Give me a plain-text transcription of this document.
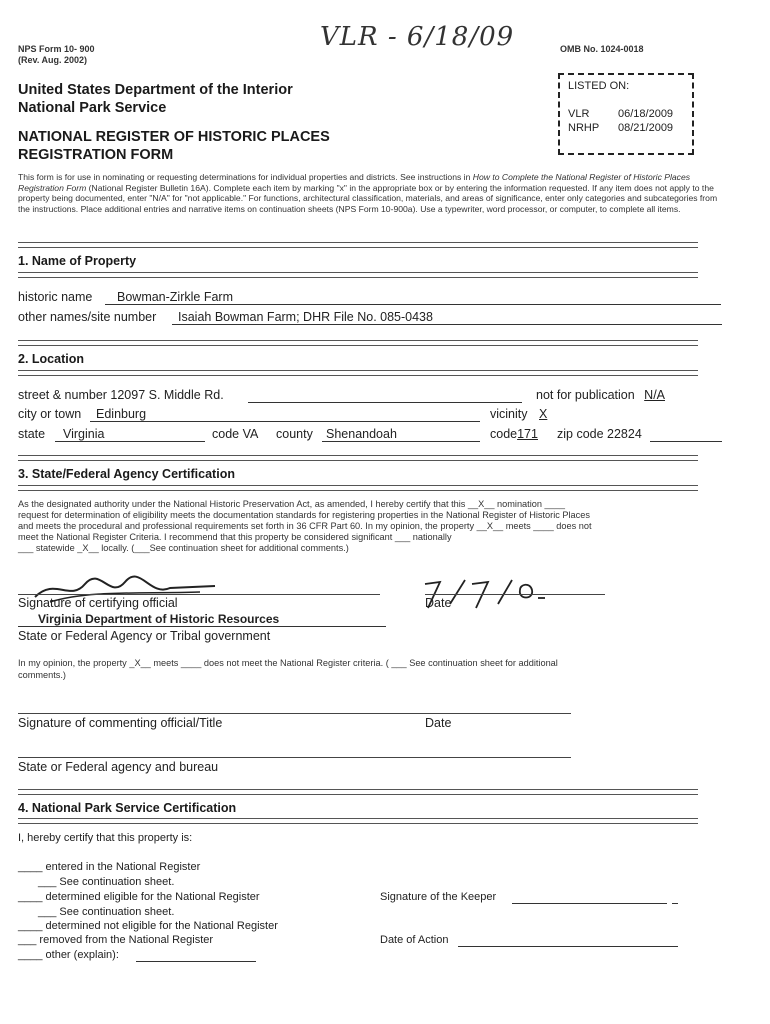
NPS Form 10- 900
(Rev. Aug. 2002)
OMB No. 1024-0018
VLR - 6/18/09
United States Department of the Interior
National Park Service
NATIONAL REGISTER OF HISTORIC PLACES
REGISTRATION FORM
LISTED ON:
VLR	06/18/2009
NRHP 08/21/2009
This form is for use in nominating or requesting determinations for individual properties and districts. See instructions in How to Complete the National Register of Historic Places Registration Form (National Register Bulletin 16A). Complete each item by marking "x" in the appropriate box or by entering the information requested. If any item does not apply to the property being documented, enter "N/A" for "not applicable." For functions, architectural classification, materials, and areas of significance, enter only categories and subcategories from the instructions. Place additional entries and narrative items on continuation sheets (NPS Form 10-900a). Use a typewriter, word processor, or computer, to complete all items.
1. Name of Property
historic name	Bowman-Zirkle Farm
other names/site number	Isaiah Bowman Farm; DHR File No. 085-0438
2. Location
street & number 12097 S. Middle Rd.	not for publication N/A
city or town	Edinburg	vicinity X
state	Virginia	code VA county	Shenandoah	code171 zip code 22824
3. State/Federal Agency Certification
As the designated authority under the National Historic Preservation Act, as amended, I hereby certify that this __X__ nomination ____
request for determination of eligibility meets the documentation standards for registering properties in the National Register of Historic Places
and meets the procedural and professional requirements set forth in 36 CFR Part 60. In my opinion, the property __X__ meets ____ does not
meet the National Register Criteria. I recommend that this property be considered significant ___ nationally
___ statewide _X__ locally. (___See continuation sheet for additional comments.)
Signature of certifying official	Date
Virginia Department of Historic Resources
State or Federal Agency or Tribal government
In my opinion, the property _X__ meets ____ does not meet the National Register criteria. ( ___ See continuation sheet for additional
comments.)
Signature of commenting official/Title	Date
State or Federal agency and bureau
4. National Park Service Certification
I, hereby certify that this property is:
____ entered in the National Register
___ See continuation sheet.
____ determined eligible for the National Register
___ See continuation sheet.
____ determined not eligible for the National Register
___ removed from the National Register
____ other (explain):
Signature of the Keeper
Date of Action
